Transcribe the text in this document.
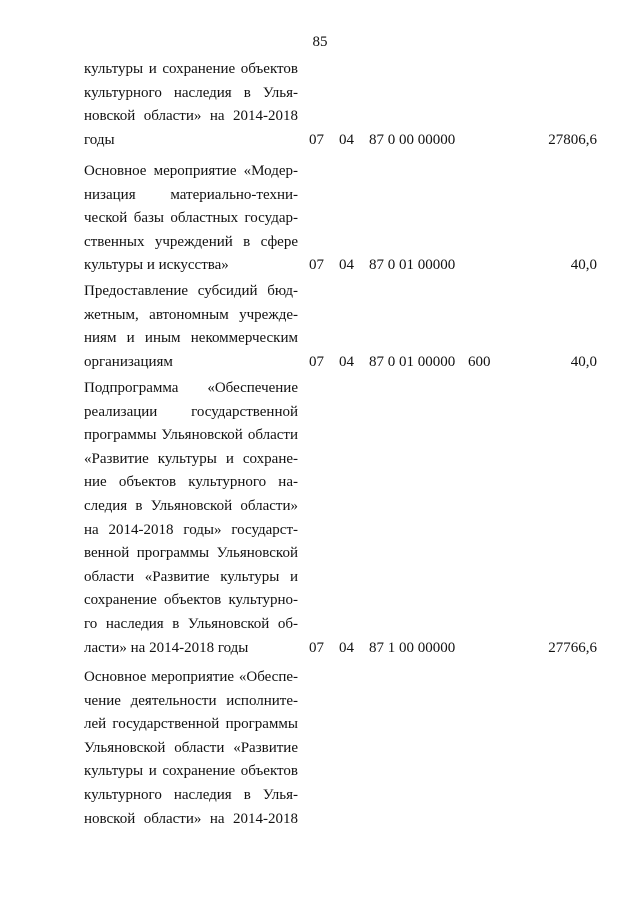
85
культуры и сохранение объектов
культурного наследия в Улья-
новской области» на 2014-2018
годы	07 04 87 0 00 00000	27806,6
Основное мероприятие «Модер-
низация материально-техни-
ческой базы областных государ-
ственных учреждений в сфере
культуры и искусства»	07 04 87 0 01 00000	40,0
Предоставление субсидий бюд-
жетным, автономным учрежде-
ниям и иным некоммерческим
организациям	07 04 87 0 01 00000 600	40,0
Подпрограмма «Обеспечение
реализации государственной
программы Ульяновской области
«Развитие культуры и сохране-
ние объектов культурного на-
следия в Ульяновской области»
на 2014-2018 годы» государст-
венной программы Ульяновской
области «Развитие культуры и
сохранение объектов культурно-
го наследия в Ульяновской об-
ласти» на 2014-2018 годы	07 04 87 1 00 00000	27766,6
Основное мероприятие «Обеспе-
чение деятельности исполните-
лей государственной программы
Ульяновской области «Развитие
культуры и сохранение объектов
культурного наследия в Улья-
новской области» на 2014-2018
